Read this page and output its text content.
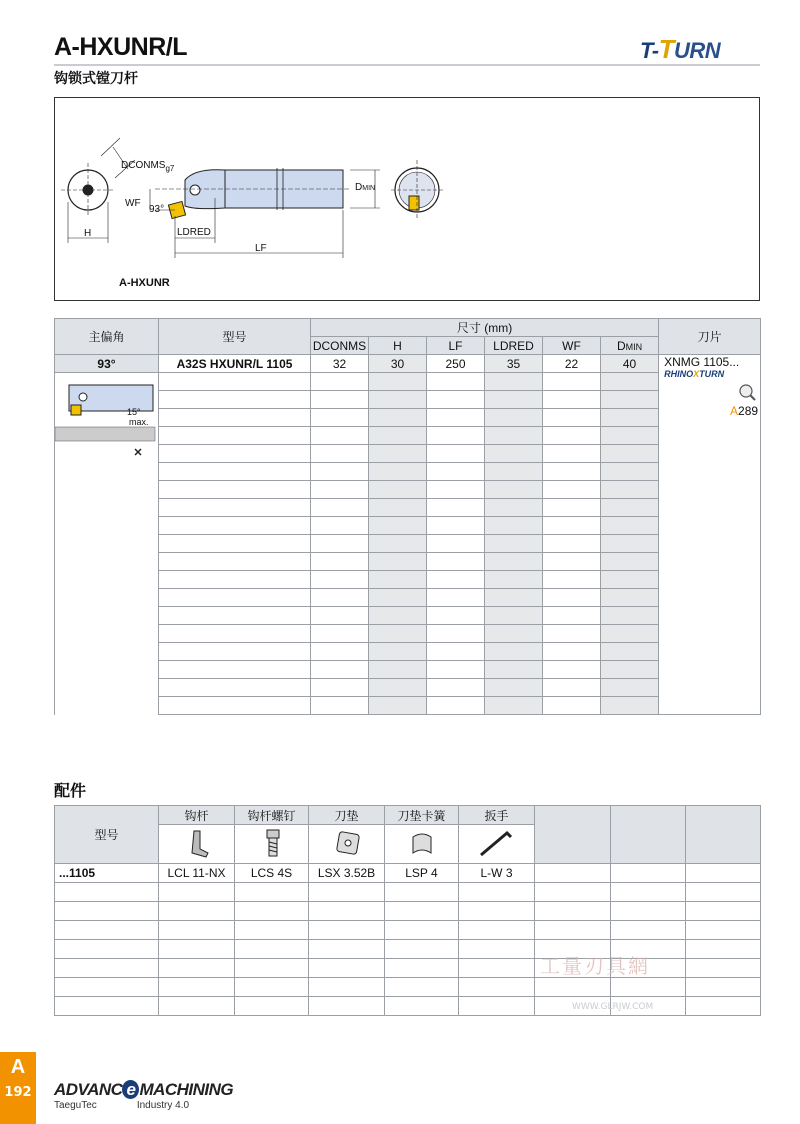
A-HXUNR/L
钩锁式镗刀杆
T-TURN
$DCONMS_{g7}$
WF
93°
H	LDRED
LF
DMIN
A-HXUNR
主偏角	型号	尺寸 (mm)						刀片
		DCONMS	H	LF	LDRED	WF	DMIN	
93°	A32S HXUNR/L 1105	32	30	250	35	22	40	XNMG 1105...
RHINOXTURN
A289

15°
max.								

配件
型号	钩杆	钩杆螺钉	刀垫	刀垫卡簧	扳手			

...1105	LCL 11-NX	LCS 4S	LSX 3.52B	LSP 4	L-W 3			

工量刃具網
WWW.GLRJW.COM
A
192 ADVANC e MACHINING
TaeguTec	Industry 4.0
